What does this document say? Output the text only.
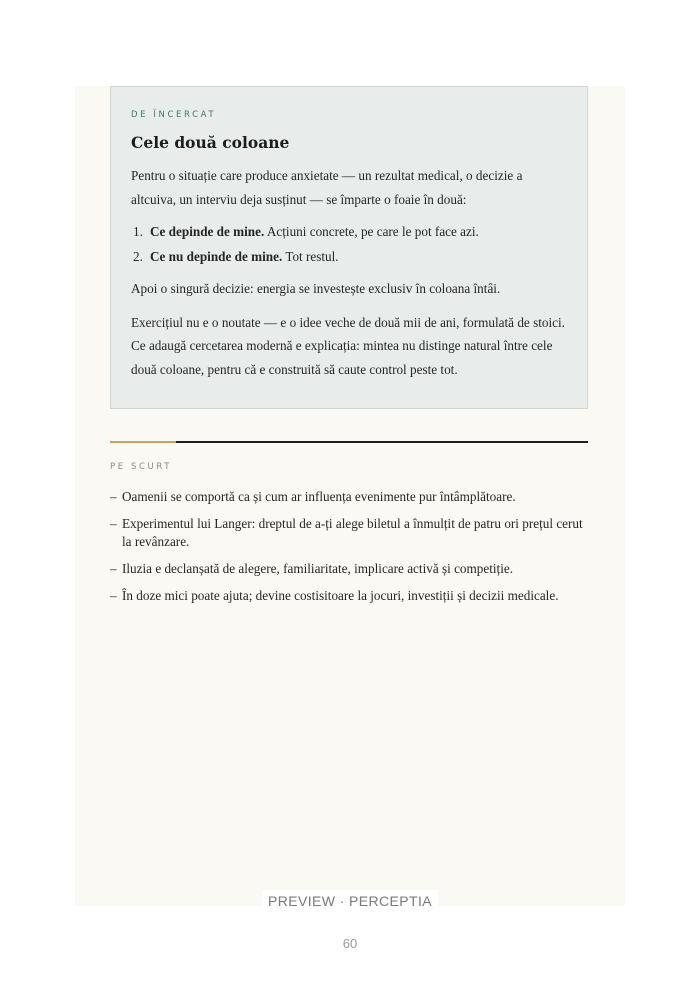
DE ÎNCERCAT

Cele două coloane

Pentru o situație care produce anxietate — un rezultat medical, o decizie a altcuiva, un interviu deja susținut — se împarte o foaie în două:

1. Ce depinde de mine. Acțiuni concrete, pe care le pot face azi.
2. Ce nu depinde de mine. Tot restul.

Apoi o singură decizie: energia se investește exclusiv în coloana întâi.

Exercițiul nu e o noutate — e o idee veche de două mii de ani, formulată de stoici. Ce adaugă cercetarea modernă e explicația: mintea nu distinge natural între cele două coloane, pentru că e construită să caute control peste tot.

PE SCURT

– Oamenii se comportă ca și cum ar influența evenimente pur întâmplătoare.
– Experimentul lui Langer: dreptul de a-ți alege biletul a înmulțit de patru ori prețul cerut la revânzare.
– Iluzia e declanșată de alegere, familiaritate, implicare activă și competiție.
– În doze mici poate ajuta; devine costisitoare la jocuri, investiții și decizii medicale.
PREVIEW · PERCEPTIA
60
